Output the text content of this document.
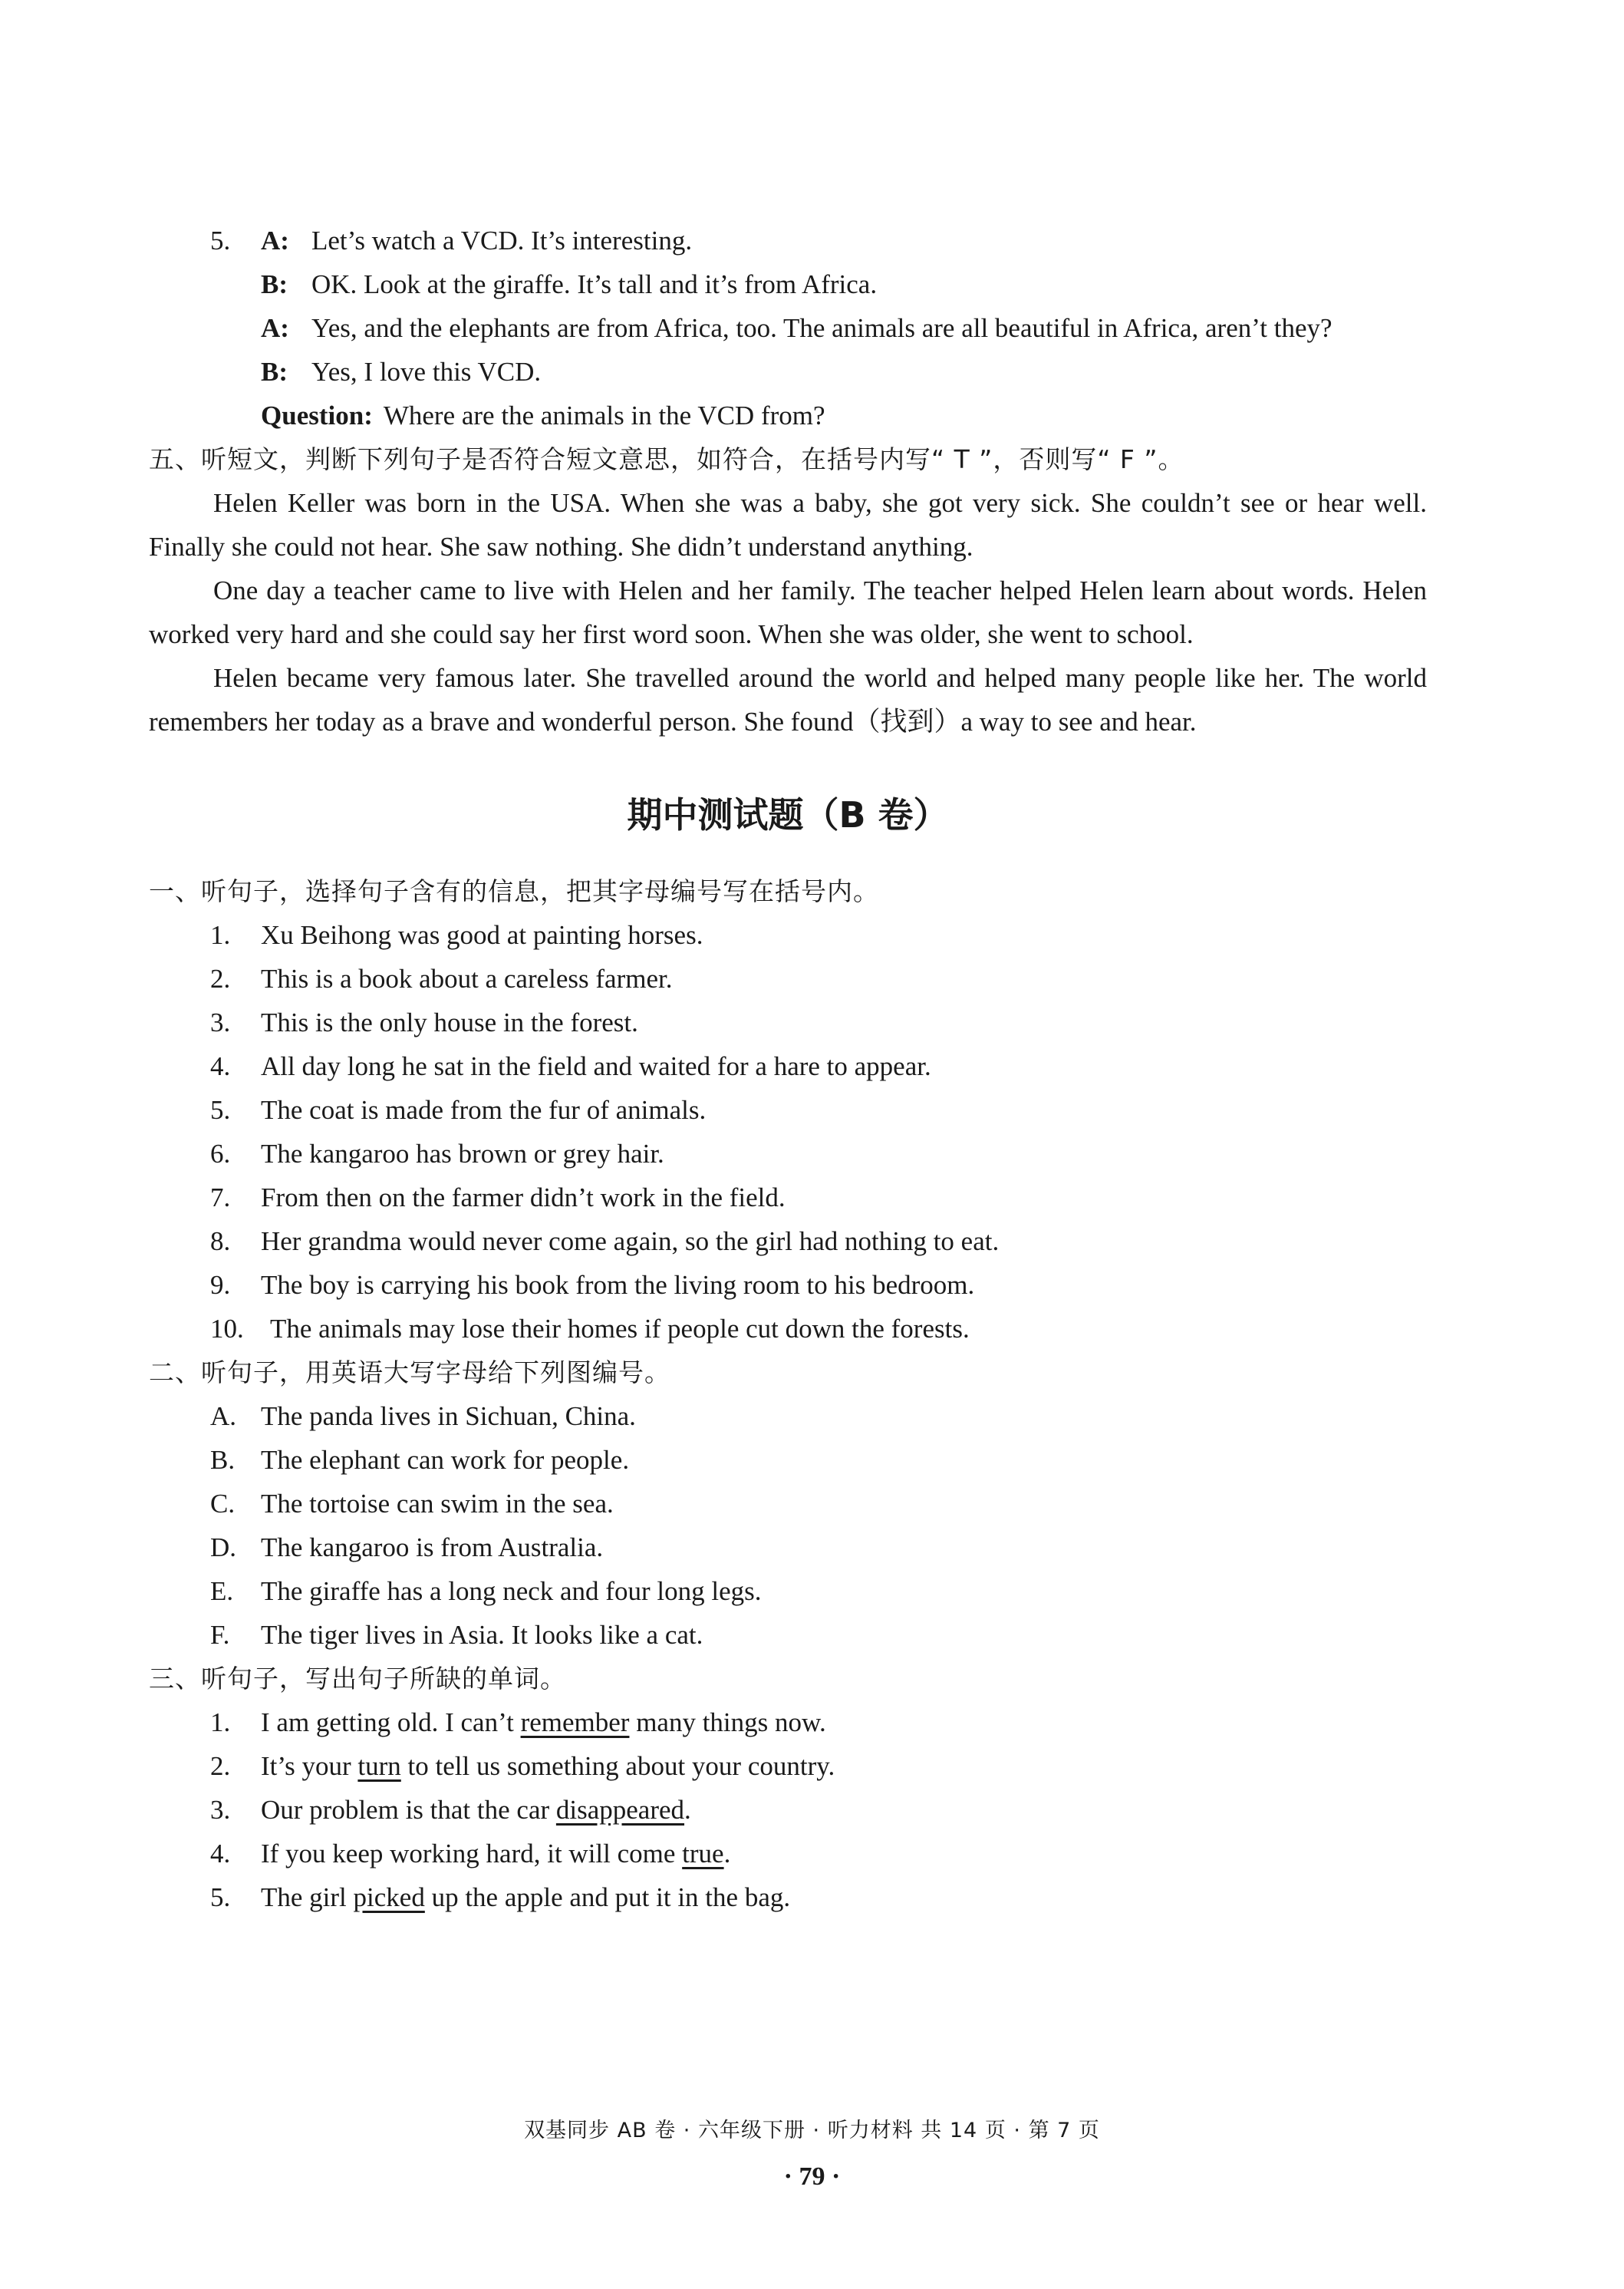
5.	A: Let’s watch a VCD. It’s interesting.
B: OK. Look at the giraffe. It’s tall and it’s from Africa.
A: Yes, and the elephants are from Africa, too. The animals are all beautiful in Africa, aren’t they?
B: Yes, I love this VCD.
Question: Where are the animals in the VCD from?
五、听短文，判断下列句子是否符合短文意思，如符合，在括号内写“ T ”，否则写“ F ”。
Helen Keller was born in the USA. When she was a baby, she got very sick. She couldn’t see or hear well. Finally she could not hear. She saw nothing. She didn’t understand anything.
One day a teacher came to live with Helen and her family. The teacher helped Helen learn about words. Helen worked very hard and she could say her first word soon. When she was older, she went to school.
Helen became very famous later. She travelled around the world and helped many people like her. The world remembers her today as a brave and wonderful person. She found（找到）a way to see and hear.
期中测试题（B 卷）
一、听句子，选择句子含有的信息，把其字母编号写在括号内。
1. Xu Beihong was good at painting horses.
2. This is a book about a careless farmer.
3. This is the only house in the forest.
4. All day long he sat in the field and waited for a hare to appear.
5. The coat is made from the fur of animals.
6. The kangaroo has brown or grey hair.
7. From then on the farmer didn’t work in the field.
8. Her grandma would never come again, so the girl had nothing to eat.
9. The boy is carrying his book from the living room to his bedroom.
10. The animals may lose their homes if people cut down the forests.
二、听句子，用英语大写字母给下列图编号。
A. The panda lives in Sichuan, China.
B. The elephant can work for people.
C. The tortoise can swim in the sea.
D. The kangaroo is from Australia.
E. The giraffe has a long neck and four long legs.
F. The tiger lives in Asia. It looks like a cat.
三、听句子，写出句子所缺的单词。
1. I am getting old. I can’t remember many things now.
2. It’s your turn to tell us something about your country.
3. Our problem is that the car disappeared.
4. If you keep working hard, it will come true.
5. The girl picked up the apple and put it in the bag.
双基同步 AB 卷 · 六年级下册 · 听力材料 共 14 页 · 第 7 页
· 79 ·
